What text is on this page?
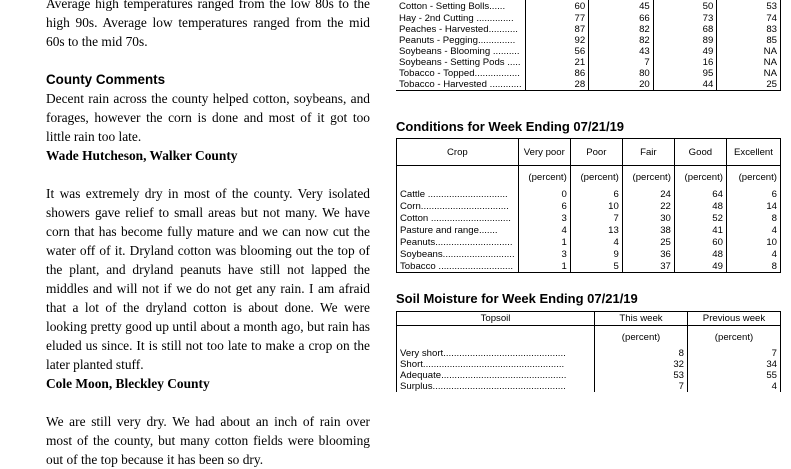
Average high temperatures ranged from the low 80s to the high 90s. Average low temperatures ranged from the mid 60s to the mid 70s.

County Comments

Decent rain across the county helped cotton, soybeans, and forages, however the corn is done and most of it got too little rain too late.

Wade Hutcheson, Walker County

It was extremely dry in most of the county. Very isolated showers gave relief to small areas but not many. We have corn that has become fully mature and we can now cut the water off of it. Dryland cotton was blooming out the top of the plant, and dryland peanuts have still not lapped the middles and will not if we do not get any rain. I am afraid that a lot of the dryland cotton is about done. We were looking pretty good up until about a month ago, but rain has eluded us since. It is still not too late to make a crop on the later planted stuff.

Cole Moon, Bleckley County

We are still very dry. We had about an inch of rain over most of the county, but many cotton fields were blooming out of the top because it has been so dry.

Cotton - Setting Bolls......	60	45	50	53
Hay - 2nd Cutting ..............	77	66	73	74
Peaches - Harvested...........	87	82	68	83
Peanuts - Pegging..............	92	82	89	85
Soybeans - Blooming ..........	56	43	49	NA
Soybeans - Setting Pods .....	21	7	16	NA
Tobacco - Topped.................	86	80	95	NA
Tobacco - Harvested ............	28	20	44	25
Conditions for Week Ending 07/21/19
Crop	Very poor	Poor	Fair	Good	Excellent
	(percent)	(percent)	(percent)	(percent)	(percent)
Cattle ..............................	0	6	24	64	6
Corn.................................	6	10	22	48	14
Cotton ..............................	3	7	30	52	8
Pasture and range.......	4	13	38	41	4
Peanuts.............................	1	4	25	60	10
Soybeans...........................	3	9	36	48	4
Tobacco ............................	1	5	37	49	8
Soil Moisture for Week Ending 07/21/19
Topsoil	This week	Previous week
	(percent)	(percent)
Very short..............................................	8	7
Short.....................................................	32	34
Adequate...............................................	53	55
Surplus..................................................	7	4
